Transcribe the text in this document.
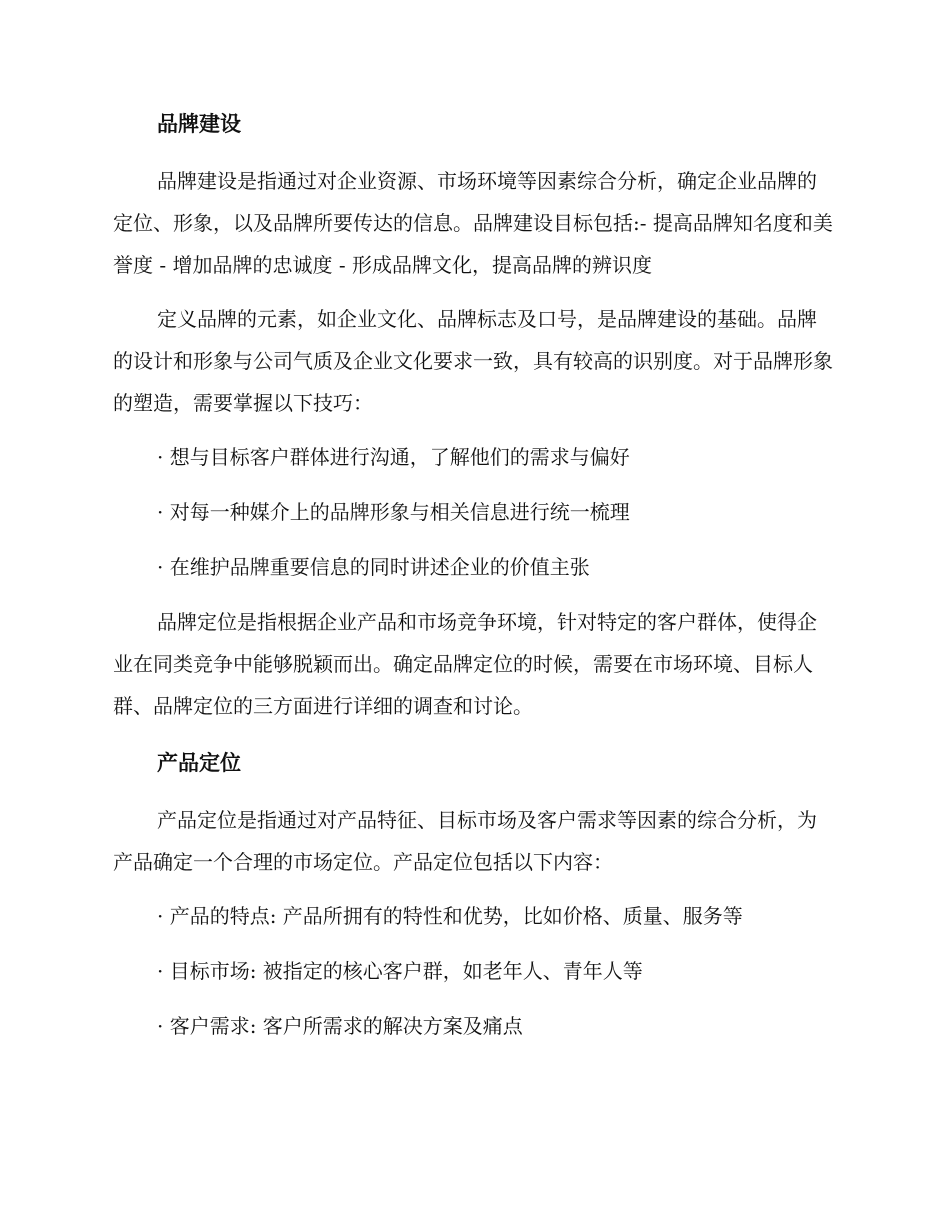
品牌建设

品牌建设是指通过对企业资源、市场环境等因素综合分析，确定企业品牌的定位、形象，以及品牌所要传达的信息。品牌建设目标包括:- 提高品牌知名度和美誉度 - 增加品牌的忠诚度 - 形成品牌文化，提高品牌的辨识度

定义品牌的元素，如企业文化、品牌标志及口号，是品牌建设的基础。品牌的设计和形象与公司气质及企业文化要求一致，具有较高的识别度。对于品牌形象的塑造，需要掌握以下技巧：

· 想与目标客户群体进行沟通，了解他们的需求与偏好
· 对每一种媒介上的品牌形象与相关信息进行统一梳理
· 在维护品牌重要信息的同时讲述企业的价值主张

品牌定位是指根据企业产品和市场竞争环境，针对特定的客户群体，使得企业在同类竞争中能够脱颖而出。确定品牌定位的时候，需要在市场环境、目标人群、品牌定位的三方面进行详细的调查和讨论。

产品定位

产品定位是指通过对产品特征、目标市场及客户需求等因素的综合分析，为产品确定一个合理的市场定位。产品定位包括以下内容：

· 产品的特点: 产品所拥有的特性和优势，比如价格、质量、服务等
· 目标市场: 被指定的核心客户群，如老年人、青年人等
· 客户需求: 客户所需求的解决方案及痛点
